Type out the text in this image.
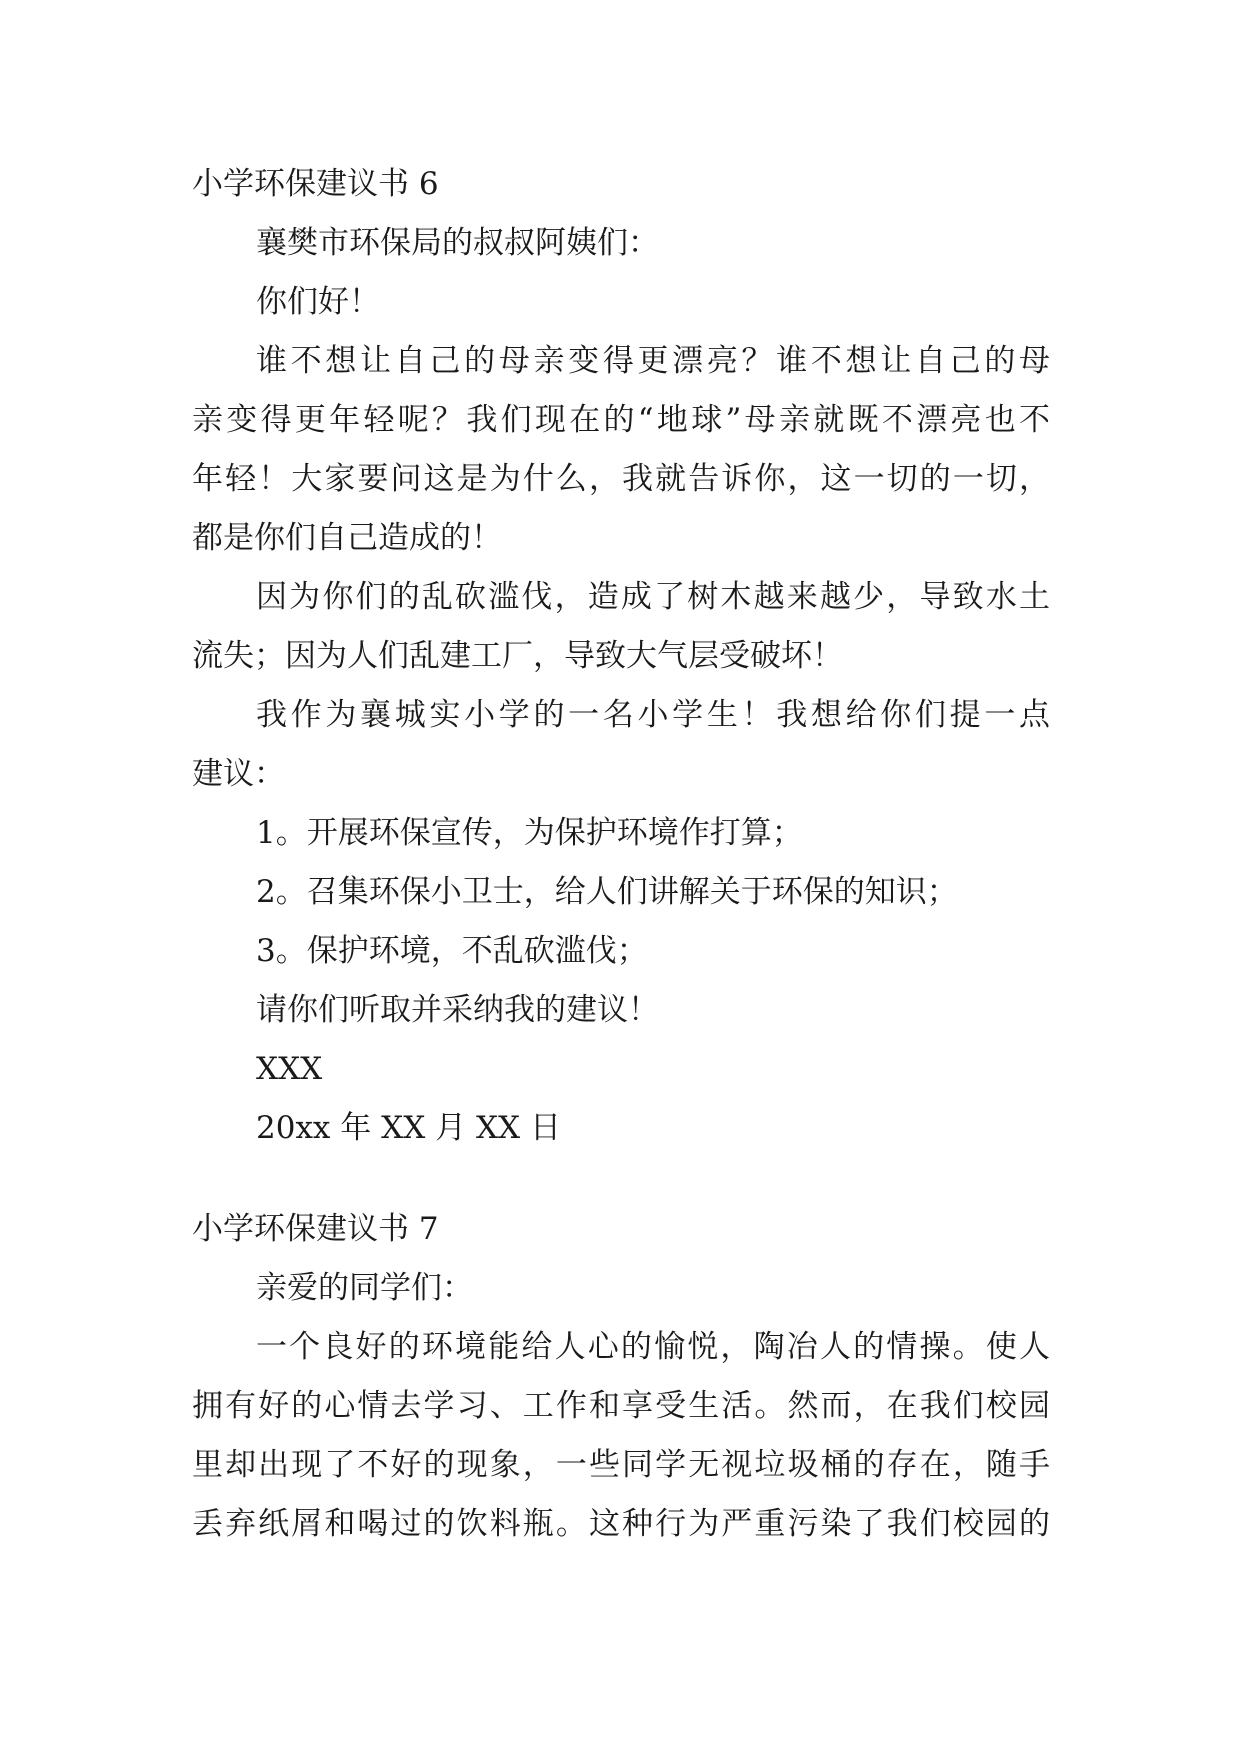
小学环保建议书 6
襄樊市环保局的叔叔阿姨们：
你们好！
谁不想让自己的母亲变得更漂亮？谁不想让自己的母
亲变得更年轻呢？我们现在的“地球”母亲就既不漂亮也不
年轻！大家要问这是为什么，我就告诉你，这一切的一切，
都是你们自己造成的！
因为你们的乱砍滥伐，造成了树木越来越少，导致水土
流失；因为人们乱建工厂，导致大气层受破坏！
我作为襄城实小学的一名小学生！我想给你们提一点
建议：
1。开展环保宣传，为保护环境作打算；
2。召集环保小卫士，给人们讲解关于环保的知识；
3。保护环境，不乱砍滥伐；
请你们听取并采纳我的建议！
XXX
20xx 年 XX 月 XX 日
小学环保建议书 7
亲爱的同学们：
一个良好的环境能给人心的愉悦，陶冶人的情操。使人
拥有好的心情去学习、工作和享受生活。然而，在我们校园
里却出现了不好的现象，一些同学无视垃圾桶的存在，随手
丢弃纸屑和喝过的饮料瓶。这种行为严重污染了我们校园的
